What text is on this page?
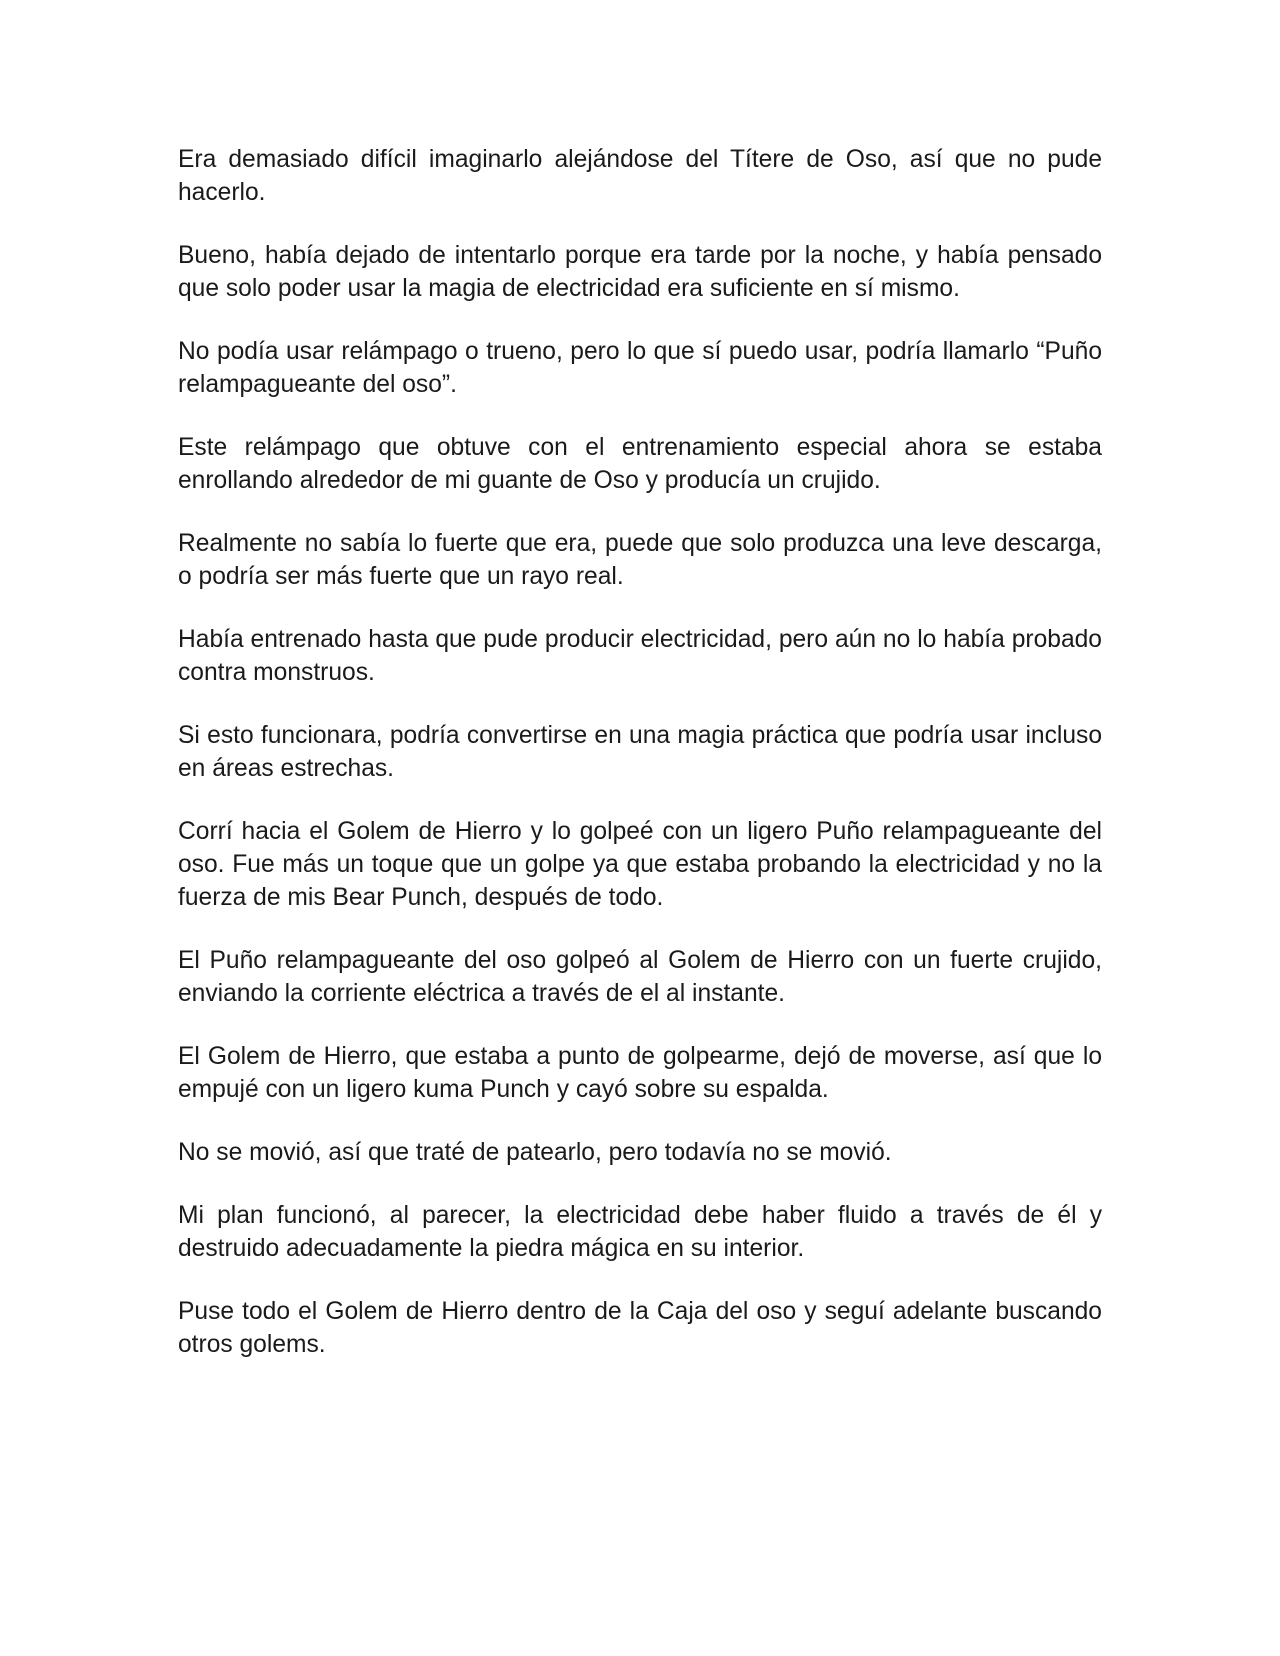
Era demasiado difícil imaginarlo alejándose del Títere de Oso, así que no pude hacerlo.

Bueno, había dejado de intentarlo porque era tarde por la noche, y había pensado que solo poder usar la magia de electricidad era suficiente en sí mismo.

No podía usar relámpago o trueno, pero lo que sí puedo usar, podría llamarlo “Puño relampagueante del oso”.

Este relámpago que obtuve con el entrenamiento especial ahora se estaba enrollando alrededor de mi guante de Oso y producía un crujido.

Realmente no sabía lo fuerte que era, puede que solo produzca una leve descarga, o podría ser más fuerte que un rayo real.

Había entrenado hasta que pude producir electricidad, pero aún no lo había probado contra monstruos.

Si esto funcionara, podría convertirse en una magia práctica que podría usar incluso en áreas estrechas.

Corrí hacia el Golem de Hierro y lo golpeé con un ligero Puño relampagueante del oso. Fue más un toque que un golpe ya que estaba probando la electricidad y no la fuerza de mis Bear Punch, después de todo.

El Puño relampagueante del oso golpeó al Golem de Hierro con un fuerte crujido, enviando la corriente eléctrica a través de el al instante.

El Golem de Hierro, que estaba a punto de golpearme, dejó de moverse, así que lo empujé con un ligero kuma Punch y cayó sobre su espalda.

No se movió, así que traté de patearlo, pero todavía no se movió.

Mi plan funcionó, al parecer, la electricidad debe haber fluido a través de él y destruido adecuadamente la piedra mágica en su interior.

Puse todo el Golem de Hierro dentro de la Caja del oso y seguí adelante buscando otros golems.
